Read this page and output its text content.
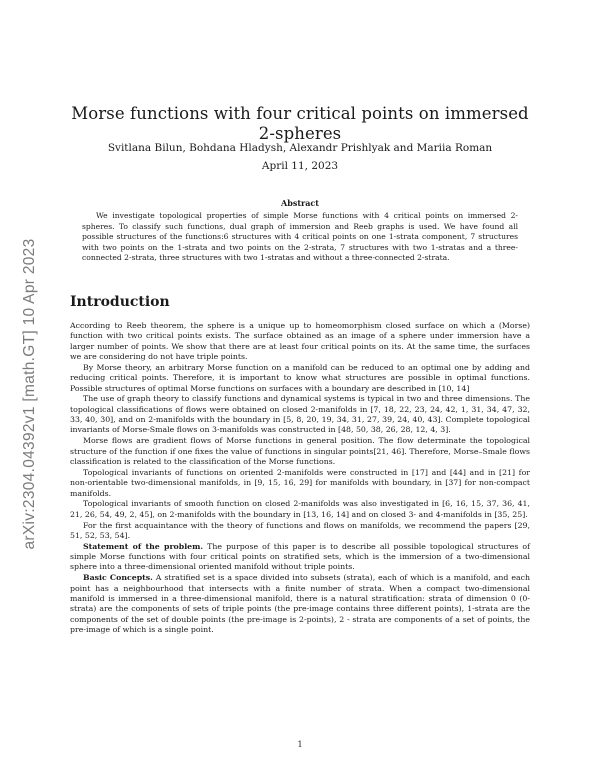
arXiv:2304.04392v1 [math.GT] 10 Apr 2023
Morse functions with four critical points on immersed 2-spheres
Svitlana Bilun, Bohdana Hladysh, Alexandr Prishlyak and Mariia Roman
April 11, 2023
Abstract
We investigate topological properties of simple Morse functions with 4 critical points on immersed 2-spheres. To classify such functions, dual graph of immersion and Reeb graphs is used. We have found all possible structures of the functions:6 structures with 4 critical points on one 1-strata component, 7 structures with two points on the 1-strata and two points on the 2-strata, 7 structures with two 1-stratas and a three-connected 2-strata, three structures with two 1-stratas and without a three-connected 2-strata.
Introduction

According to Reeb theorem, the sphere is a unique up to homeomorphism closed surface on which a (Morse) function with two critical points exists. The surface obtained as an image of a sphere under immersion have a larger number of points. We show that there are at least four critical points on its. At the same time, the surfaces we are considering do not have triple points.

By Morse theory, an arbitrary Morse function on a manifold can be reduced to an optimal one by adding and reducing critical points. Therefore, it is important to know what structures are possible in optimal functions. Possible structures of optimal Morse functions on surfaces with a boundary are described in [10, 14]

The use of graph theory to classify functions and dynamical systems is typical in two and three dimensions. The topological classifications of flows were obtained on closed 2-manifolds in [7, 18, 22, 23, 24, 42, 1, 31, 34, 47, 32, 33, 40, 30], and on 2-manifolds with the boundary in [5, 8, 20, 19, 34, 31, 27, 39, 24, 40, 43]. Complete topological invariants of Morse-Smale flows on 3-manifolds was constructed in [48, 50, 38, 26, 28, 12, 4, 3].

Morse flows are gradient flows of Morse functions in general position. The flow determinate the topological structure of the function if one fixes the value of functions in singular points[21, 46]. Therefore, Morse–Smale flows classification is related to the classification of the Morse functions.

Topological invariants of functions on oriented 2-manifolds were constructed in [17] and [44] and in [21] for non-orientable two-dimensional manifolds, in [9, 15, 16, 29] for manifolds with boundary, in [37] for non-compact manifolds.

Topological invariants of smooth function on closed 2-manifolds was also investigated in [6, 16, 15, 37, 36, 41, 21, 26, 54, 49, 2, 45], on 2-manifolds with the boundary in [13, 16, 14] and on closed 3- and 4-manifolds in [35, 25].

For the first acquaintance with the theory of functions and flows on manifolds, we recommend the papers [29, 51, 52, 53, 54].

Statement of the problem. The purpose of this paper is to describe all possible topological structures of simple Morse functions with four critical points on stratified sets, which is the immersion of a two-dimensional sphere into a three-dimensional oriented manifold without triple points.

Basic Concepts. A stratified set is a space divided into subsets (strata), each of which is a manifold, and each point has a neighbourhood that intersects with a finite number of strata. When a compact two-dimensional manifold is immersed in a three-dimensional manifold, there is a natural stratification: strata of dimension 0 (0-strata) are the components of sets of triple points (the pre-image contains three different points), 1-strata are the components of the set of double points (the pre-image is 2-points), 2 - strata are components of a set of points, the pre-image of which is a single point.

1
